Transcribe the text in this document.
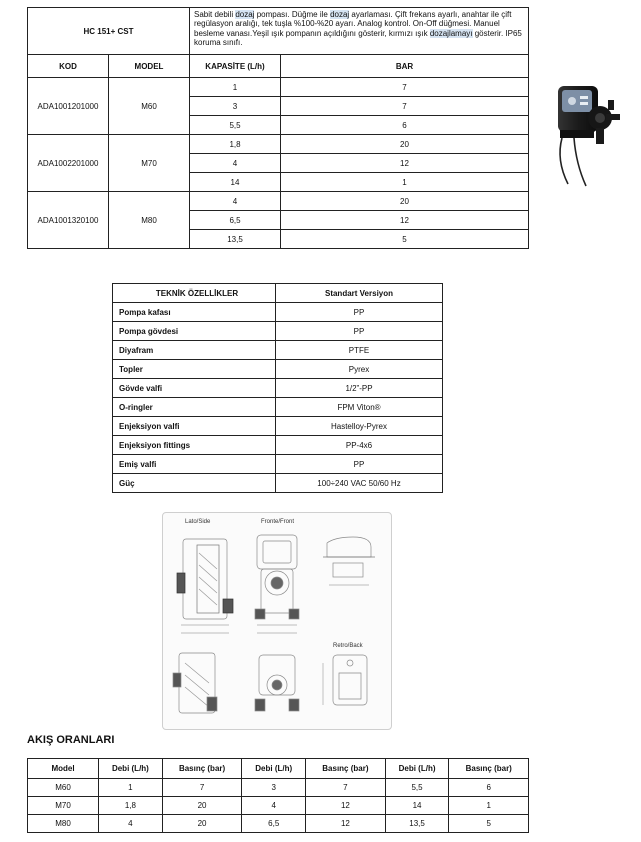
HC 151+ CST		Sabit debili dozaj pompası. Düğme ile dozaj ayarlaması. Çift frekans ayarlı, anahtar ile çift regülasyon aralığı, tek tuşla %100-%20 ayarı. Analog kontrol. On-Off düğmesi. Manuel besleme vanası.Yeşil ışık pompanın açıldığını gösterir, kırmızı ışık dozajlamayı gösterir. IP65 koruma sınıfı.	
KOD	MODEL	KAPASİTE (L/h)	BAR
ADA1001201000	M60	1	7
		3	7
		5,5	6
ADA1002201000	M70	1,8	20
		4	12
		14	1
ADA1001320100	M80	4	20
		6,5	12
		13,5	5
TEKNİK ÖZELLİKLER	Standart Versiyon
Pompa kafası	PP
Pompa gövdesi	PP
Diyafram	PTFE
Topler	Pyrex
Gövde valfi	1/2”-PP
O-ringler	FPM Viton®
Enjeksiyon valfi	Hastelloy-Pyrex
Enjeksiyon fittings	PP-4x6
Emiş valfi	PP
Güç	100÷240 VAC 50/60 Hz
Lato/Side	Fronte/Front
Retro/Back
AKIŞ ORANLARI
Model	Debi (L/h)	Basınç (bar)	Debi (L/h)	Basınç (bar)	Debi (L/h)	Basınç (bar)
M60	1	7	3	7	5,5	6
M70	1,8	20	4	12	14	1
M80	4	20	6,5	12	13,5	5
